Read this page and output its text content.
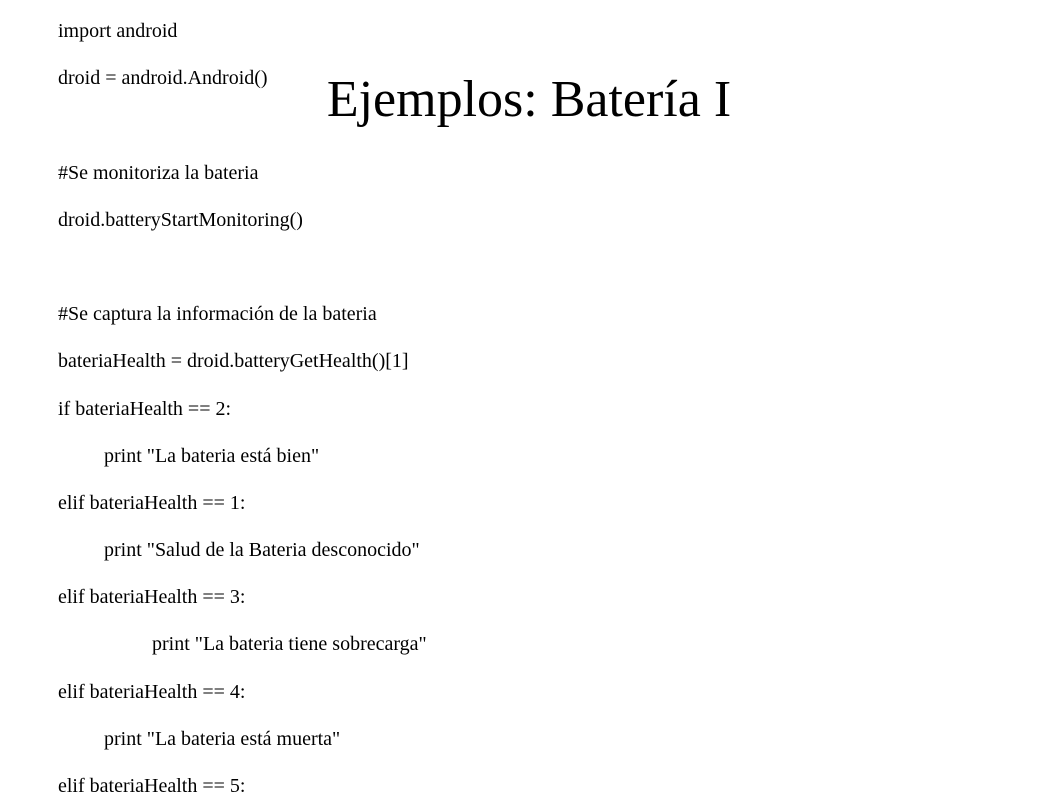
import android
droid = android.Android()
#Se monitoriza la bateria
droid.batteryStartMonitoring()
#Se captura la información de la bateria
bateriaHealth = droid.batteryGetHealth()[1]
if bateriaHealth == 2:
print "La bateria está bien"
elif bateriaHealth == 1:
print "Salud de la Bateria desconocido"
elif bateriaHealth == 3:
print "La bateria tiene sobrecarga"
elif bateriaHealth == 4:
print "La bateria está muerta"
elif bateriaHealth == 5:
Ejemplos: Batería I
